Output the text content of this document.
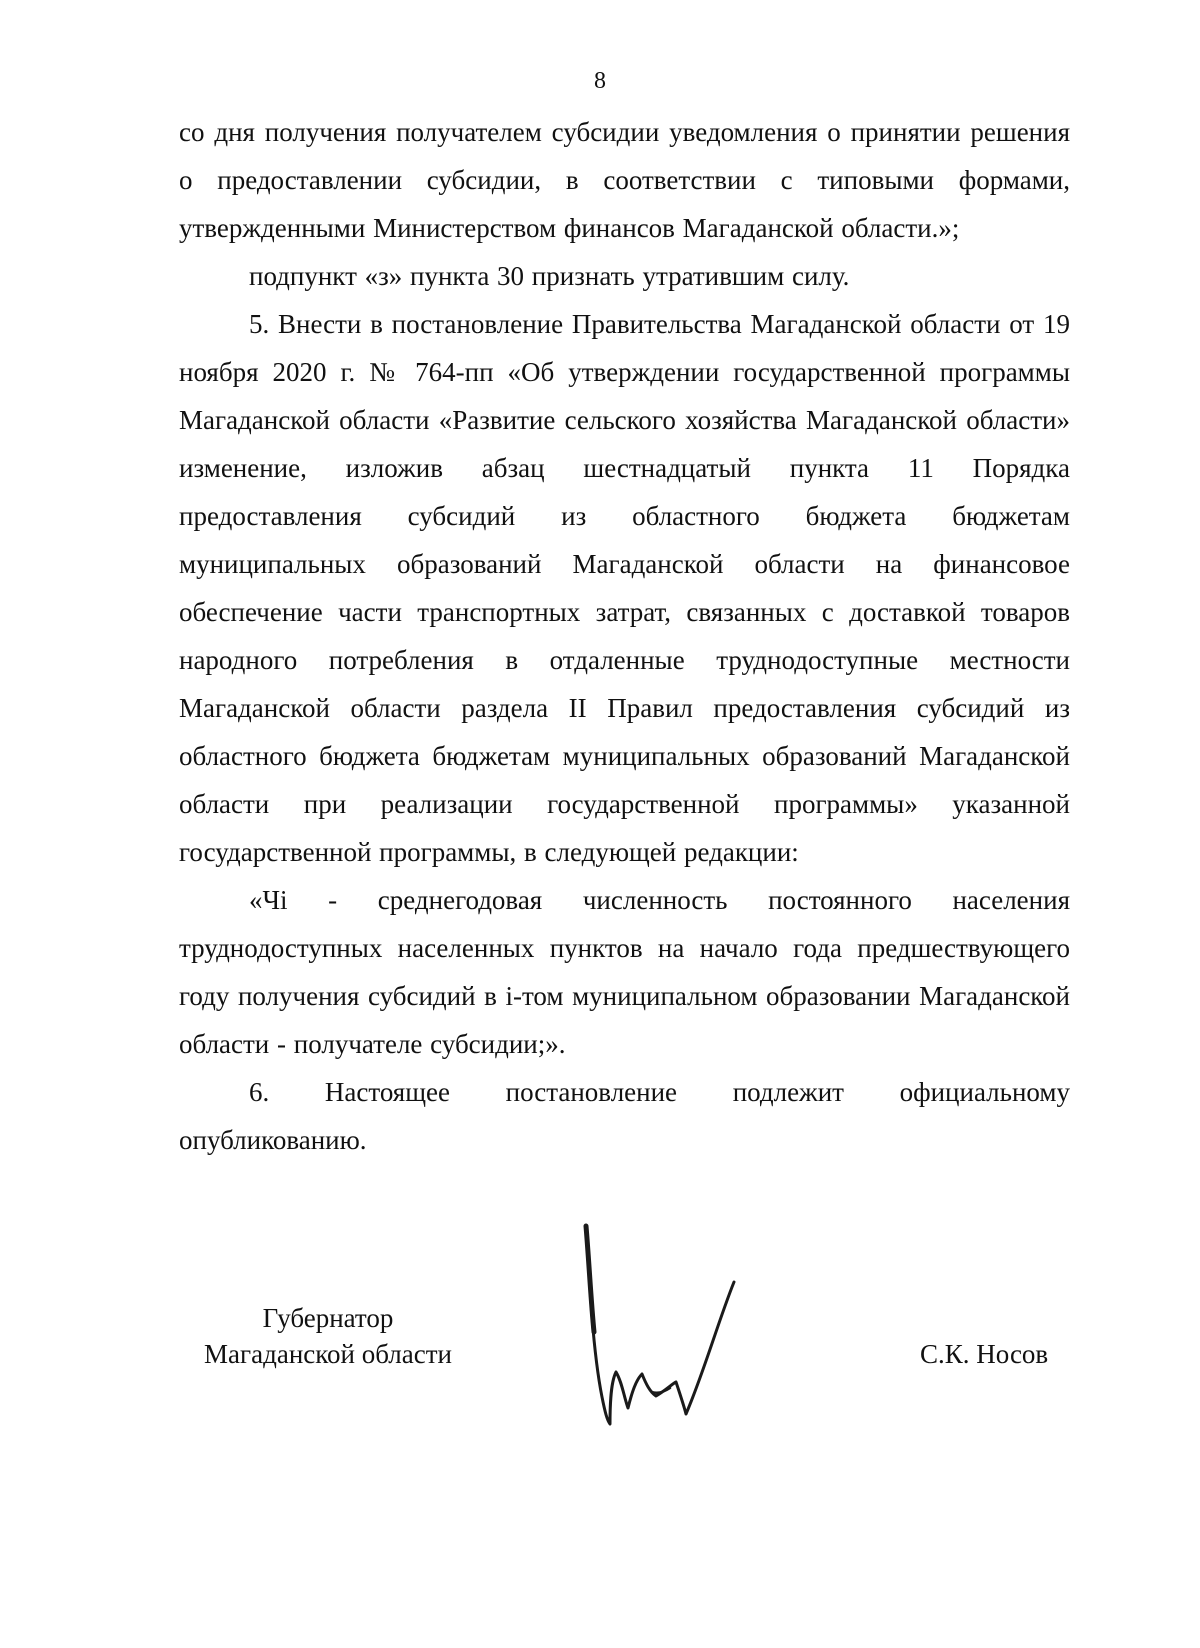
8

со дня получения получателем субсидии уведомления о принятии решения о предоставлении субсидии, в соответствии с типовыми формами, утвержденными Министерством финансов Магаданской области.»;

подпункт «з» пункта 30 признать утратившим силу.

5. Внести в постановление Правительства Магаданской области от 19 ноября 2020 г. № 764-пп «Об утверждении государственной программы Магаданской области «Развитие сельского хозяйства Магаданской области» изменение, изложив абзац шестнадцатый пункта 11 Порядка предоставления субсидий из областного бюджета бюджетам муниципальных образований Магаданской области на финансовое обеспечение части транспортных затрат, связанных с доставкой товаров народного потребления в отдаленные труднодоступные местности Магаданской области раздела II Правил предоставления субсидий из областного бюджета бюджетам муниципальных образований Магаданской области при реализации государственной программы» указанной государственной программы, в следующей редакции:

«Чi - среднегодовая численность постоянного населения труднодоступных населенных пунктов на начало года предшествующего году получения субсидий в i-том муниципальном образовании Магаданской области - получателе субсидии;».

6. Настоящее постановление подлежит официальному опубликованию.

Губернатор
Магаданской области	С.К. Носов
